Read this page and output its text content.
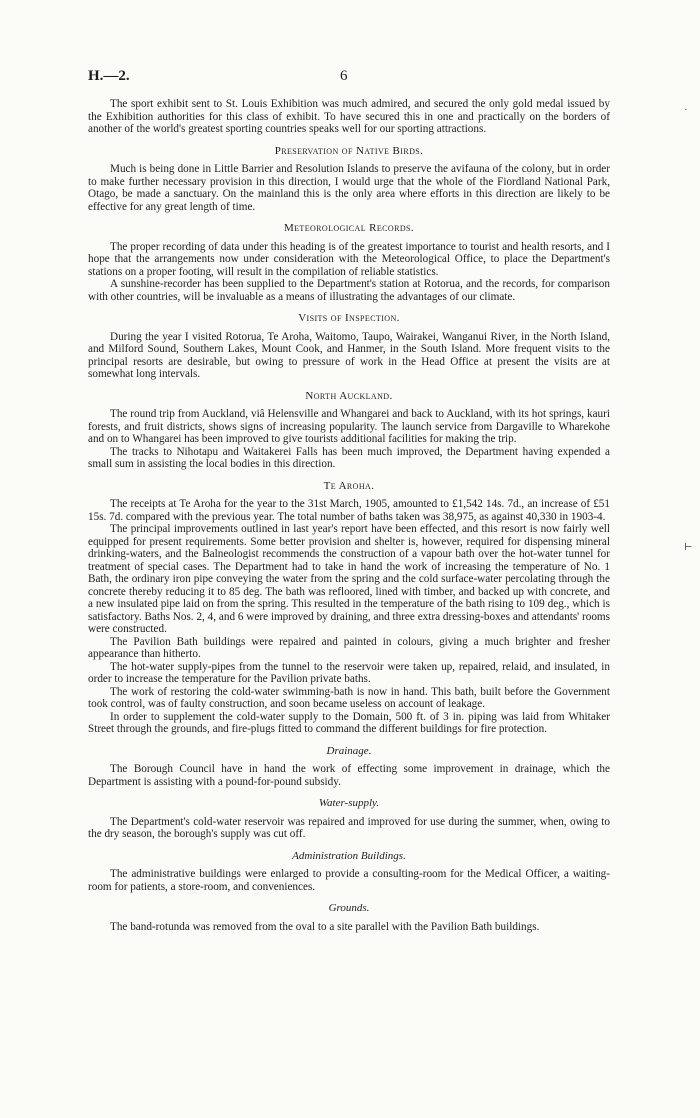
H.—2.	6
˯
⊢

The sport exhibit sent to St. Louis Exhibition was much admired, and secured the only gold medal issued by the Exhibition authorities for this class of exhibit. To have secured this in one and practically on the borders of another of the world's greatest sporting countries speaks well for our sporting attractions.

Preservation of Native Birds.

Much is being done in Little Barrier and Resolution Islands to preserve the avifauna of the colony, but in order to make further necessary provision in this direction, I would urge that the whole of the Fiordland National Park, Otago, be made a sanctuary. On the mainland this is the only area where efforts in this direction are likely to be effective for any great length of time.

Meteorological Records.

The proper recording of data under this heading is of the greatest importance to tourist and health resorts, and I hope that the arrangements now under consideration with the Meteorological Office, to place the Department's stations on a proper footing, will result in the compilation of reliable statistics.

A sunshine-recorder has been supplied to the Department's station at Rotorua, and the records, for comparison with other countries, will be invaluable as a means of illustrating the advantages of our climate.

Visits of Inspection.

During the year I visited Rotorua, Te Aroha, Waitomo, Taupo, Wairakei, Wanganui River, in the North Island, and Milford Sound, Southern Lakes, Mount Cook, and Hanmer, in the South Island. More frequent visits to the principal resorts are desirable, but owing to pressure of work in the Head Office at present the visits are at somewhat long intervals.

North Auckland.

The round trip from Auckland, viâ Helensville and Whangarei and back to Auckland, with its hot springs, kauri forests, and fruit districts, shows signs of increasing popularity. The launch service from Dargaville to Wharekohe and on to Whangarei has been improved to give tourists additional facilities for making the trip.

The tracks to Nihotapu and Waitakerei Falls has been much improved, the Department having expended a small sum in assisting the local bodies in this direction.

Te Aroha.

The receipts at Te Aroha for the year to the 31st March, 1905, amounted to £1,542 14s. 7d., an increase of £51 15s. 7d. compared with the previous year. The total number of baths taken was 38,975, as against 40,330 in 1903-4.

The principal improvements outlined in last year's report have been effected, and this resort is now fairly well equipped for present requirements. Some better provision and shelter is, however, required for dispensing mineral drinking-waters, and the Balneologist recommends the construction of a vapour bath over the hot-water tunnel for treatment of special cases. The Department had to take in hand the work of increasing the temperature of No. 1 Bath, the ordinary iron pipe conveying the water from the spring and the cold surface-water percolating through the concrete thereby reducing it to 85 deg. The bath was refloored, lined with timber, and backed up with concrete, and a new insulated pipe laid on from the spring. This resulted in the temperature of the bath rising to 109 deg., which is satisfactory. Baths Nos. 2, 4, and 6 were improved by draining, and three extra dressing-boxes and attendants' rooms were constructed.

The Pavilion Bath buildings were repaired and painted in colours, giving a much brighter and fresher appearance than hitherto.

The hot-water supply-pipes from the tunnel to the reservoir were taken up, repaired, relaid, and insulated, in order to increase the temperature for the Pavilion private baths.

The work of restoring the cold-water swimming-bath is now in hand. This bath, built before the Government took control, was of faulty construction, and soon became useless on account of leakage.

In order to supplement the cold-water supply to the Domain, 500 ft. of 3 in. piping was laid from Whitaker Street through the grounds, and fire-plugs fitted to command the different buildings for fire protection.

Drainage.

The Borough Council have in hand the work of effecting some improvement in drainage, which the Department is assisting with a pound-for-pound subsidy.

Water-supply.

The Department's cold-water reservoir was repaired and improved for use during the summer, when, owing to the dry season, the borough's supply was cut off.

Administration Buildings.

The administrative buildings were enlarged to provide a consulting-room for the Medical Officer, a waiting-room for patients, a store-room, and conveniences.

Grounds.

The band-rotunda was removed from the oval to a site parallel with the Pavilion Bath buildings.
